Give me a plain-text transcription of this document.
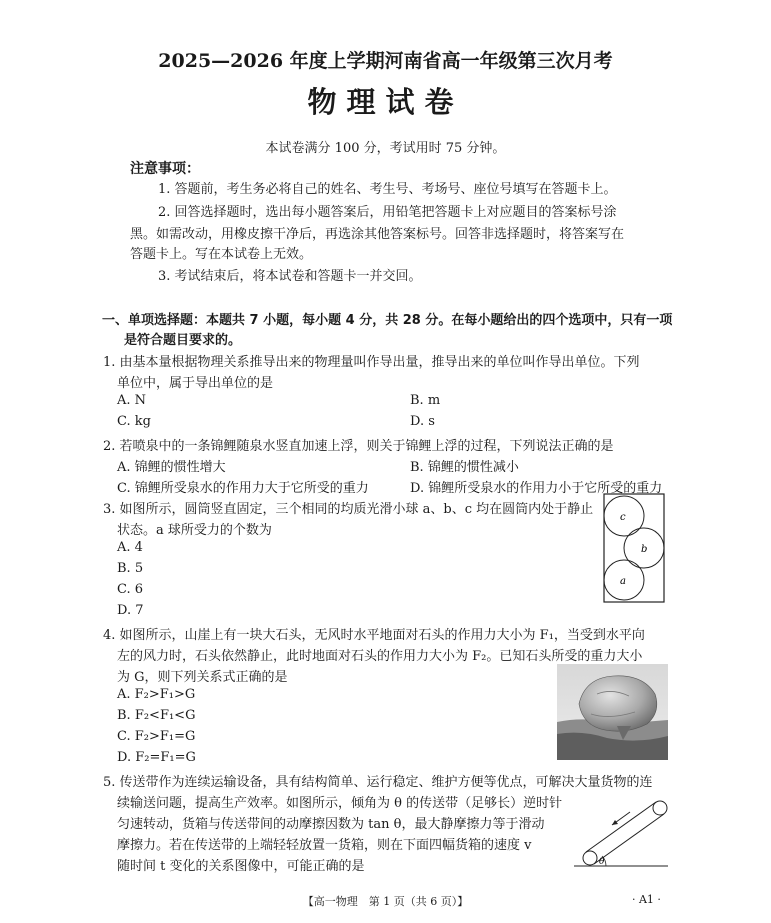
2025—2026 年度上学期河南省高一年级第三次月考
物理试卷
本试卷满分 100 分，考试用时 75 分钟。
注意事项：
1. 答题前，考生务必将自己的姓名、考生号、考场号、座位号填写在答题卡上。
2. 回答选择题时，选出每小题答案后，用铅笔把答题卡上对应题目的答案标号涂
黑。如需改动，用橡皮擦干净后，再选涂其他答案标号。回答非选择题时，将答案写在
答题卡上。写在本试卷上无效。
3. 考试结束后，将本试卷和答题卡一并交回。
一、单项选择题：本题共 7 小题，每小题 4 分，共 28 分。在每小题给出的四个选项中，只有一项
是符合题目要求的。
1. 由基本量根据物理关系推导出来的物理量叫作导出量，推导出来的单位叫作导出单位。下列
单位中，属于导出单位的是
A. N	B. m
C. kg	D. s
2. 若喷泉中的一条锦鲤随泉水竖直加速上浮，则关于锦鲤上浮的过程，下列说法正确的是
A. 锦鲤的惯性增大	B. 锦鲤的惯性减小
C. 锦鲤所受泉水的作用力大于它所受的重力	D. 锦鲤所受泉水的作用力小于它所受的重力
3. 如图所示，圆筒竖直固定，三个相同的均质光滑小球 a、b、c 均在圆筒内处于静止
状态。a 球所受力的个数为
A. 4
B. 5
C. 6
D. 7
c
b
a
4. 如图所示，山崖上有一块大石头，无风时水平地面对石头的作用力大小为 F₁，当受到水平向
左的风力时，石头依然静止，此时地面对石头的作用力大小为 F₂。已知石头所受的重力大小
为 G，则下列关系式正确的是
A. F₂>F₁>G
B. F₂<F₁<G
C. F₂>F₁=G
D. F₂=F₁=G
5. 传送带作为连续运输设备，具有结构简单、运行稳定、维护方便等优点，可解决大量货物的连
续输送问题，提高生产效率。如图所示，倾角为 θ 的传送带（足够长）逆时针
匀速转动，货箱与传送带间的动摩擦因数为 tan θ，最大静摩擦力等于滑动
摩擦力。若在传送带的上端轻轻放置一货箱，则在下面四幅货箱的速度 v
随时间 t 变化的关系图像中，可能正确的是	θ
【高一物理　第 1 页（共 6 页）】	· A1 ·
